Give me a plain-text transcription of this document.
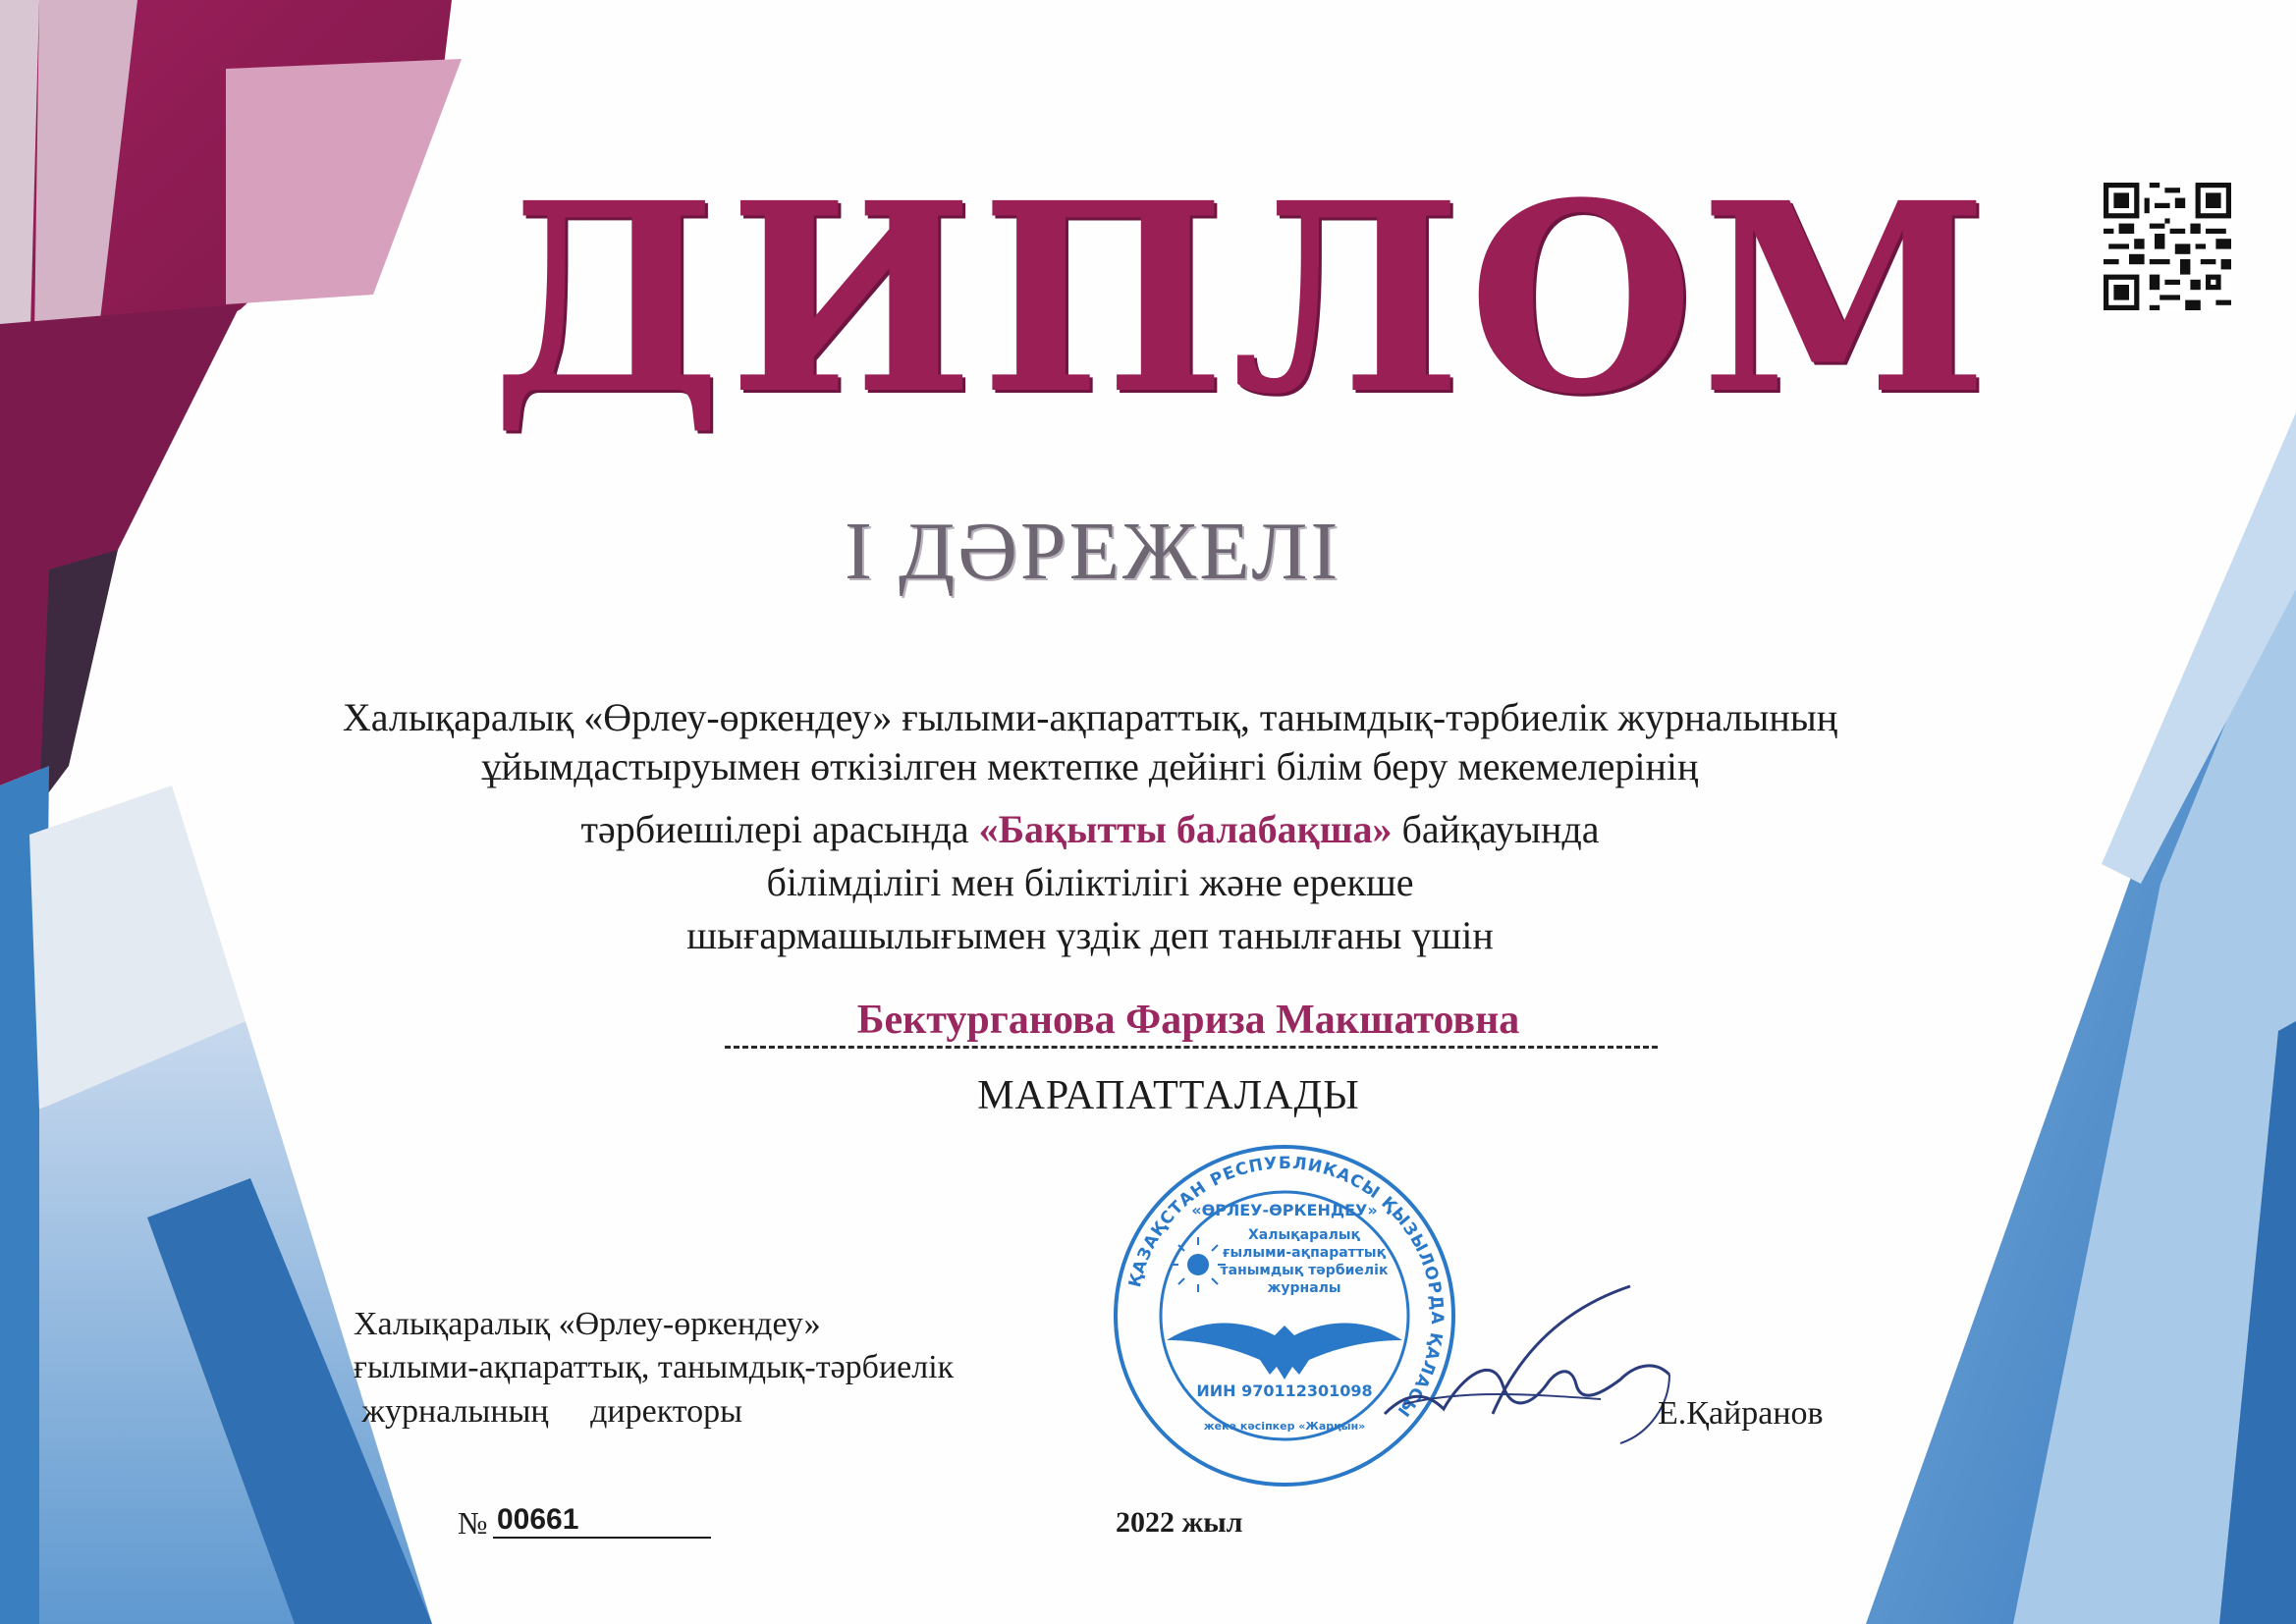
ДИПЛОМ
I ДӘРЕЖЕЛІ
Халықаралық «Өрлеу-өркендеу» ғылыми-ақпараттық, танымдық-тәрбиелік журналының
ұйымдастыруымен өткізілген мектепке дейінгі білім беру мекемелерінің
тәрбиешілері арасында «Бақытты балабақша» байқауында
білімділігі мен біліктілігі және ерекше
шығармашылығымен үздік деп танылғаны үшін
Бектурганова Фариза Макшатовна
МАРАПАТТАЛАДЫ
ҚАЗАҚСТАН РЕСПУБЛИКАСЫ ҚЫЗЫЛОРДА ҚАЛАСЫ
«ӨРЛЕУ-ӨРКЕНДЕУ»
Халықаралық
ғылыми-ақпараттық
танымдық тәрбиелік
журналы
ИИН 970112301098
жеке кәсіпкер «Жарқын»
Халықаралық «Өрлеу-өркендеу»
ғылыми-ақпараттық, танымдық-тәрбиелік
журналының     директоры	Е.Қайранов
№ 00661	2022 жыл
